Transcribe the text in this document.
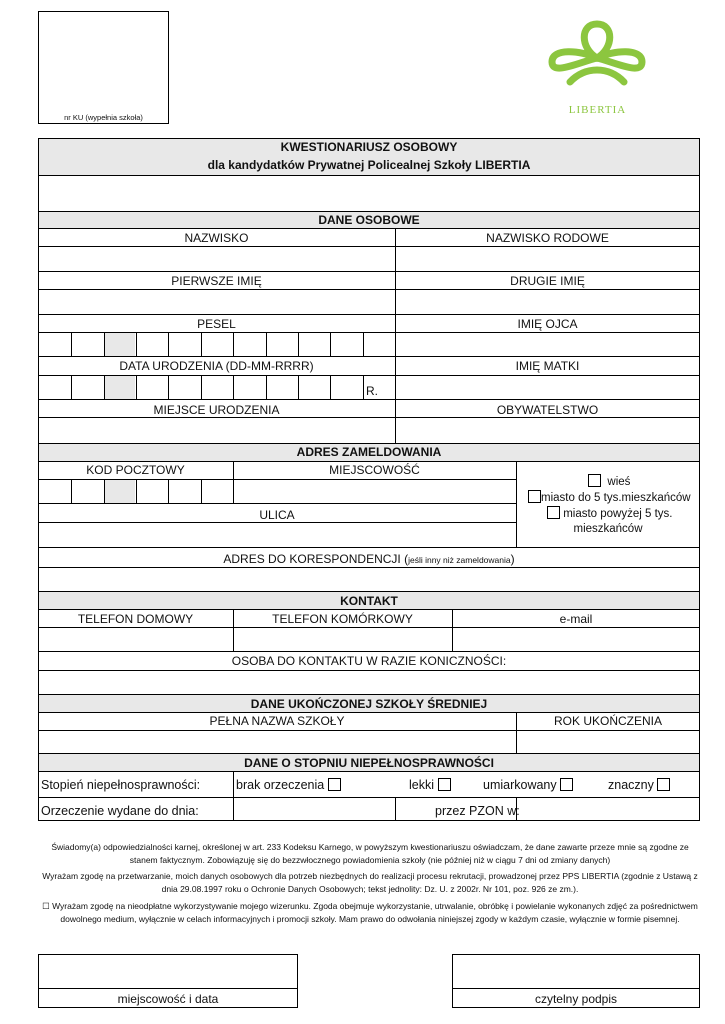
nr KU (wypełnia szkoła)
LIBERTIA
KWESTIONARIUSZ OSOBOWY
dla kandydatków Prywatnej Policealnej Szkoły LIBERTIA
DANE OSOBOWE
NAZWISKO	NAZWISKO RODOWE
PIERWSZE IMIĘ	DRUGIE IMIĘ
PESEL	IMIĘ OJCA
DATA URODZENIA (DD-MM-RRRR)	IMIĘ MATKI
R.
MIEJSCE URODZENIA	OBYWATELSTWO
ADRES ZAMELDOWANIA
KOD POCZTOWY	MIEJSCOWOŚĆ
ULICA
wieś
miasto do 5 tys.mieszkańców
miasto powyżej 5 tys.
mieszkańców
ADRES DO KORESPONDENCJI (jeśli inny niż zameldowania)
KONTAKT
TELEFON DOMOWY	TELEFON KOMÓRKOWY	e-mail
OSOBA DO KONTAKTU W RAZIE KONICZNOŚCI:
DANE UKOŃCZONEJ SZKOŁY ŚREDNIEJ
PEŁNA NAZWA SZKOŁY	ROK UKOŃCZENIA
DANE O STOPNIU NIEPEŁNOSPRAWNOŚCI
Stopień niepełnosprawności:	brak orzeczenia	lekki	umiarkowany	znaczny
Orzeczenie wydane do dnia:	przez PZON w:
Świadomy(a) odpowiedzialności karnej, określonej w art. 233 Kodeksu Karnego, w powyższym kwestionariuszu oświadczam, że dane zawarte przeze mnie są zgodne ze stanem faktycznym. Zobowiązuję się do bezzwłocznego powiadomienia szkoły (nie później niż w ciągu 7 dni od zmiany danych)
Wyrażam zgodę na przetwarzanie, moich danych osobowych dla potrzeb niezbędnych do realizacji procesu rekrutacji, prowadzonej przez PPS LIBERTIA (zgodnie z Ustawą z dnia 29.08.1997 roku o Ochronie Danych Osobowych; tekst jednolity: Dz. U. z 2002r. Nr 101, poz. 926 ze zm.).
☐ Wyrażam zgodę na nieodpłatne wykorzystywanie mojego wizerunku. Zgoda obejmuje wykorzystanie, utrwalanie, obróbkę i powielanie wykonanych zdjęć za pośrednictwem dowolnego medium, wyłącznie w celach informacyjnych i promocji szkoły. Mam prawo do odwołania niniejszej zgody w każdym czasie, wyłącznie w formie pisemnej.
miejscowość i data	czytelny podpis
